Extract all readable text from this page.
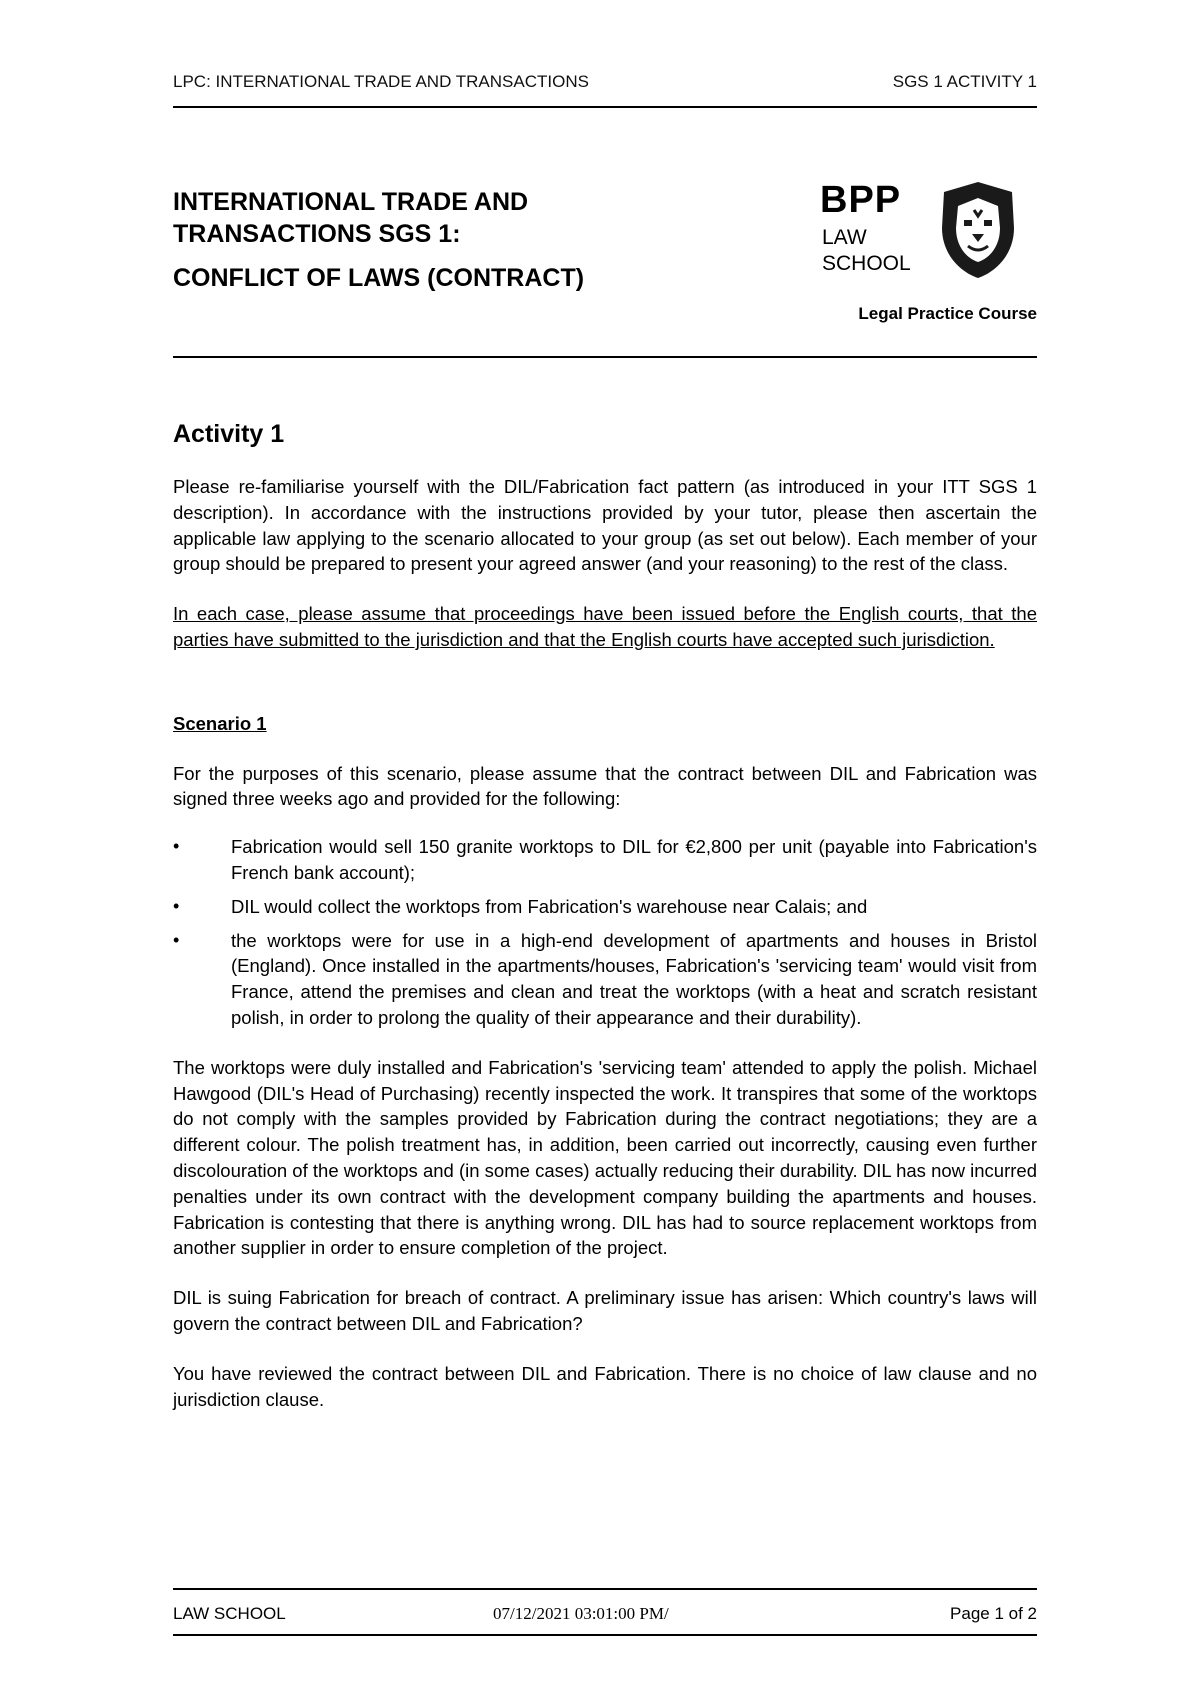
LPC: INTERNATIONAL TRADE AND TRANSACTIONS	SGS 1 ACTIVITY 1

INTERNATIONAL TRADE AND

TRANSACTIONS SGS 1:

CONFLICT OF LAWS (CONTRACT)

BPP
LAW
SCHOOL
Legal Practice Course
Activity 1

Please re-familiarise yourself with the DIL/Fabrication fact pattern (as introduced in your ITT SGS 1 description). In accordance with the instructions provided by your tutor, please then ascertain the applicable law applying to the scenario allocated to your group (as set out below). Each member of your group should be prepared to present your agreed answer (and your reasoning) to the rest of the class.

In each case, please assume that proceedings have been issued before the English courts, that the parties have submitted to the jurisdiction and that the English courts have accepted such jurisdiction.

Scenario 1

For the purposes of this scenario, please assume that the contract between DIL and Fabrication was signed three weeks ago and provided for the following:

•	Fabrication would sell 150 granite worktops to DIL for €2,800 per unit (payable into Fabrication's French bank account);
•	DIL would collect the worktops from Fabrication's warehouse near Calais; and
•	the worktops were for use in a high-end development of apartments and houses in Bristol (England). Once installed in the apartments/houses, Fabrication's 'servicing team' would visit from France, attend the premises and clean and treat the worktops (with a heat and scratch resistant polish, in order to prolong the quality of their appearance and their durability).

The worktops were duly installed and Fabrication's 'servicing team' attended to apply the polish. Michael Hawgood (DIL's Head of Purchasing) recently inspected the work. It transpires that some of the worktops do not comply with the samples provided by Fabrication during the contract negotiations; they are a different colour. The polish treatment has, in addition, been carried out incorrectly, causing even further discolouration of the worktops and (in some cases) actually reducing their durability. DIL has now incurred penalties under its own contract with the development company building the apartments and houses. Fabrication is contesting that there is anything wrong. DIL has had to source replacement worktops from another supplier in order to ensure completion of the project.

DIL is suing Fabrication for breach of contract. A preliminary issue has arisen: Which country's laws will govern the contract between DIL and Fabrication?

You have reviewed the contract between DIL and Fabrication. There is no choice of law clause and no jurisdiction clause.

LAW SCHOOL	07/12/2021 03:01:00 PM/	Page 1 of 2
